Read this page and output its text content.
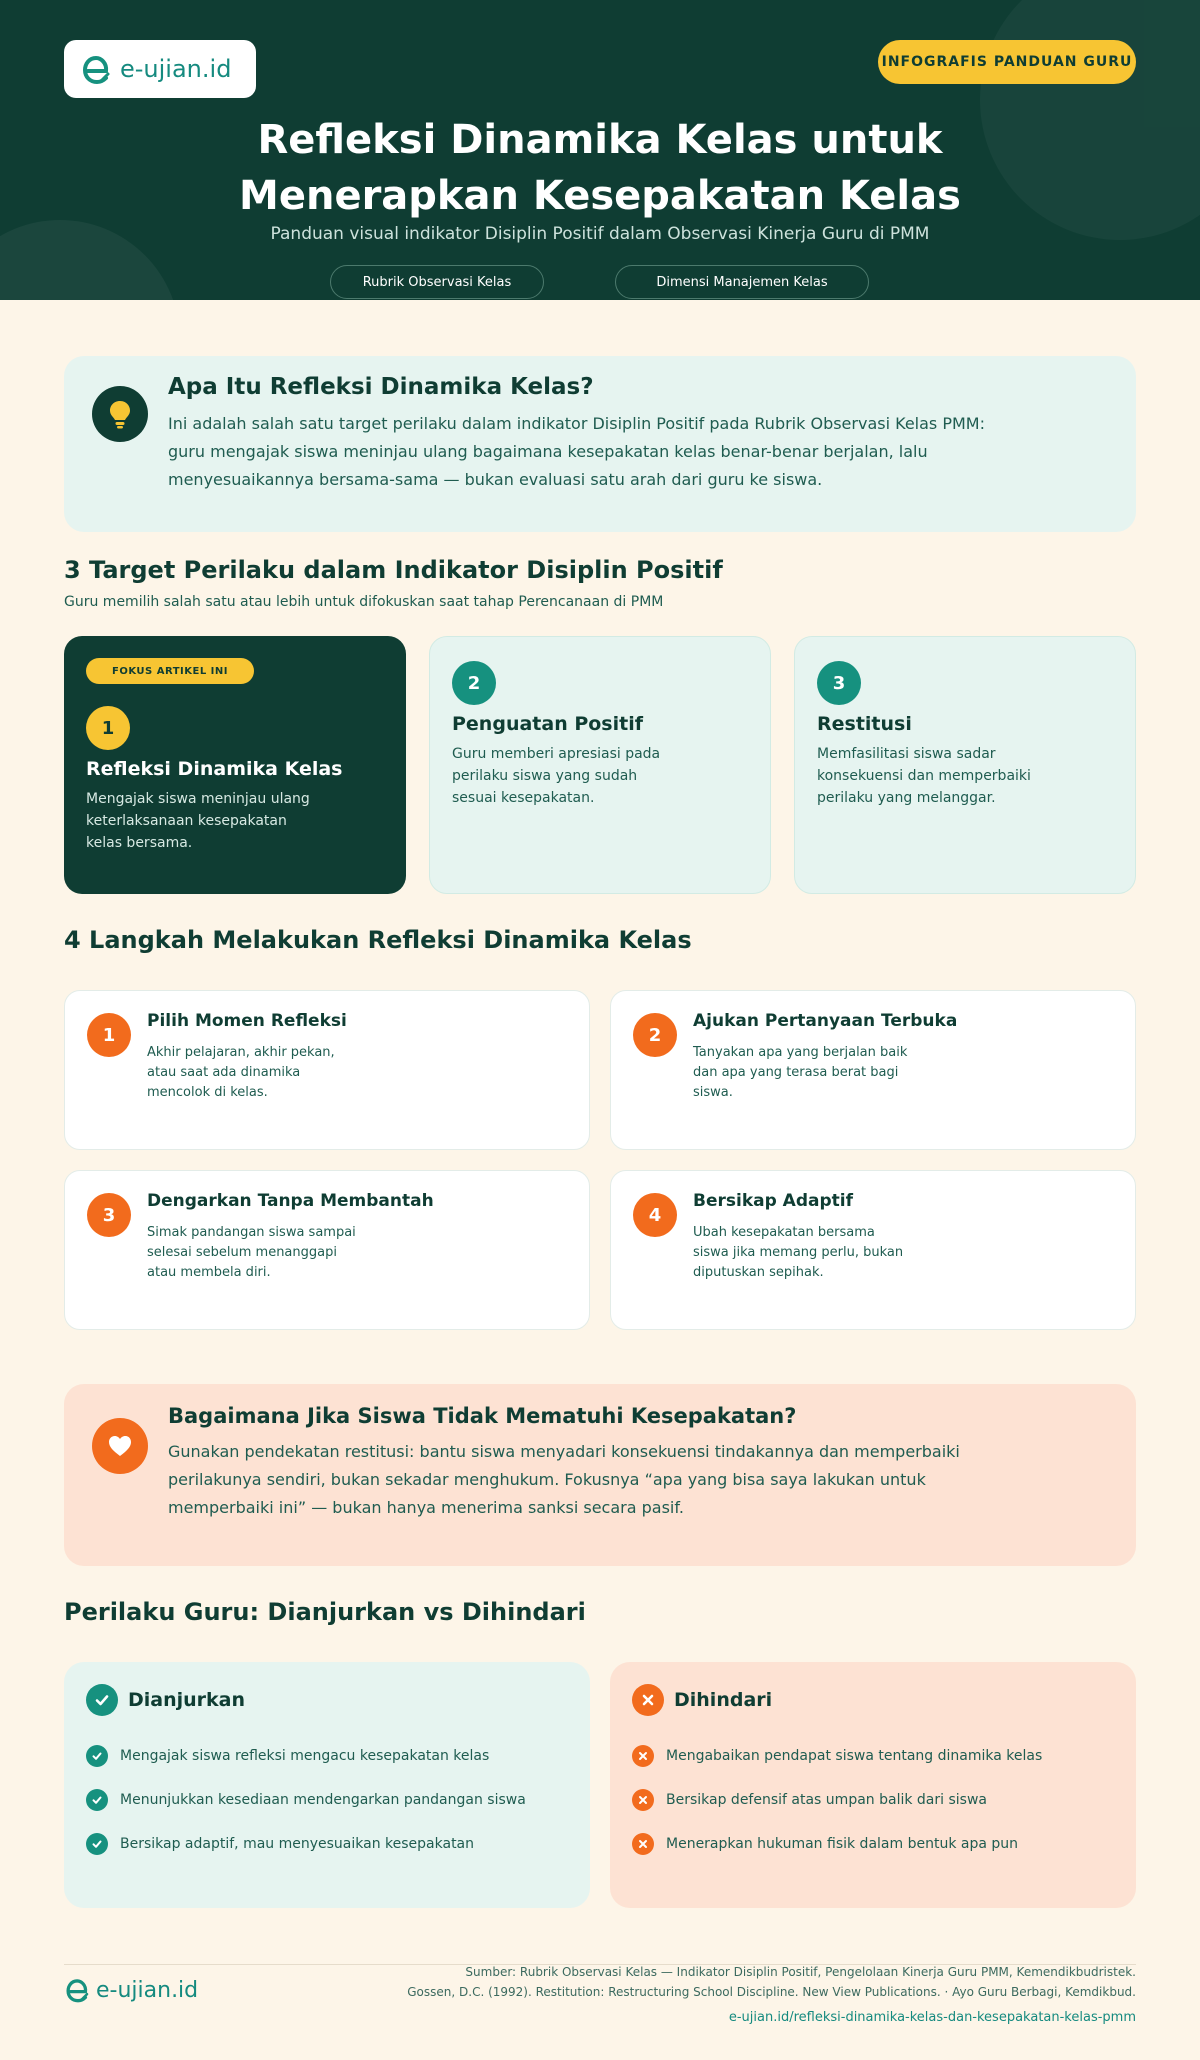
e-ujian.id	INFOGRAFIS PANDUAN GURU
Refleksi Dinamika Kelas untuk
Menerapkan Kesepakatan Kelas
Panduan visual indikator Disiplin Positif dalam Observasi Kinerja Guru di PMM
Rubrik Observasi Kelas	Dimensi Manajemen Kelas
Apa Itu Refleksi Dinamika Kelas?

Ini adalah salah satu target perilaku dalam indikator Disiplin Positif pada Rubrik Observasi Kelas PMM: guru mengajak siswa meninjau ulang bagaimana kesepakatan kelas benar-benar berjalan, lalu menyesuaikannya bersama-sama — bukan evaluasi satu arah dari guru ke siswa.

3 Target Perilaku dalam Indikator Disiplin Positif
Guru memilih salah satu atau lebih untuk difokuskan saat tahap Perencanaan di PMM
FOKUS ARTIKEL INI
1
Refleksi Dinamika Kelas

Mengajak siswa meninjau ulang keterlaksanaan kesepakatan kelas bersama.

2
Penguatan Positif

Guru memberi apresiasi pada perilaku siswa yang sudah sesuai kesepakatan.

3
Restitusi

Memfasilitasi siswa sadar konsekuensi dan memperbaiki perilaku yang melanggar.

4 Langkah Melakukan Refleksi Dinamika Kelas
1
Pilih Momen Refleksi

Akhir pelajaran, akhir pekan, atau saat ada dinamika mencolok di kelas.

2
Ajukan Pertanyaan Terbuka

Tanyakan apa yang berjalan baik dan apa yang terasa berat bagi siswa.

3
Dengarkan Tanpa Membantah

Simak pandangan siswa sampai selesai sebelum menanggapi atau membela diri.

4
Bersikap Adaptif

Ubah kesepakatan bersama siswa jika memang perlu, bukan diputuskan sepihak.

Bagaimana Jika Siswa Tidak Mematuhi Kesepakatan?

Gunakan pendekatan restitusi: bantu siswa menyadari konsekuensi tindakannya dan memperbaiki perilakunya sendiri, bukan sekadar menghukum. Fokusnya “apa yang bisa saya lakukan untuk memperbaiki ini” — bukan hanya menerima sanksi secara pasif.

Perilaku Guru: Dianjurkan vs Dihindari
Dianjurkan
Mengajak siswa refleksi mengacu kesepakatan kelas
Menunjukkan kesediaan mendengarkan pandangan siswa
Bersikap adaptif, mau menyesuaikan kesepakatan
Dihindari
Mengabaikan pendapat siswa tentang dinamika kelas
Bersikap defensif atas umpan balik dari siswa
Menerapkan hukuman fisik dalam bentuk apa pun
e-ujian.id
Sumber: Rubrik Observasi Kelas — Indikator Disiplin Positif, Pengelolaan Kinerja Guru PMM, Kemendikbudristek.
Gossen, D.C. (1992). Restitution: Restructuring School Discipline. New View Publications. · Ayo Guru Berbagi, Kemdikbud.
e-ujian.id/refleksi-dinamika-kelas-dan-kesepakatan-kelas-pmm
